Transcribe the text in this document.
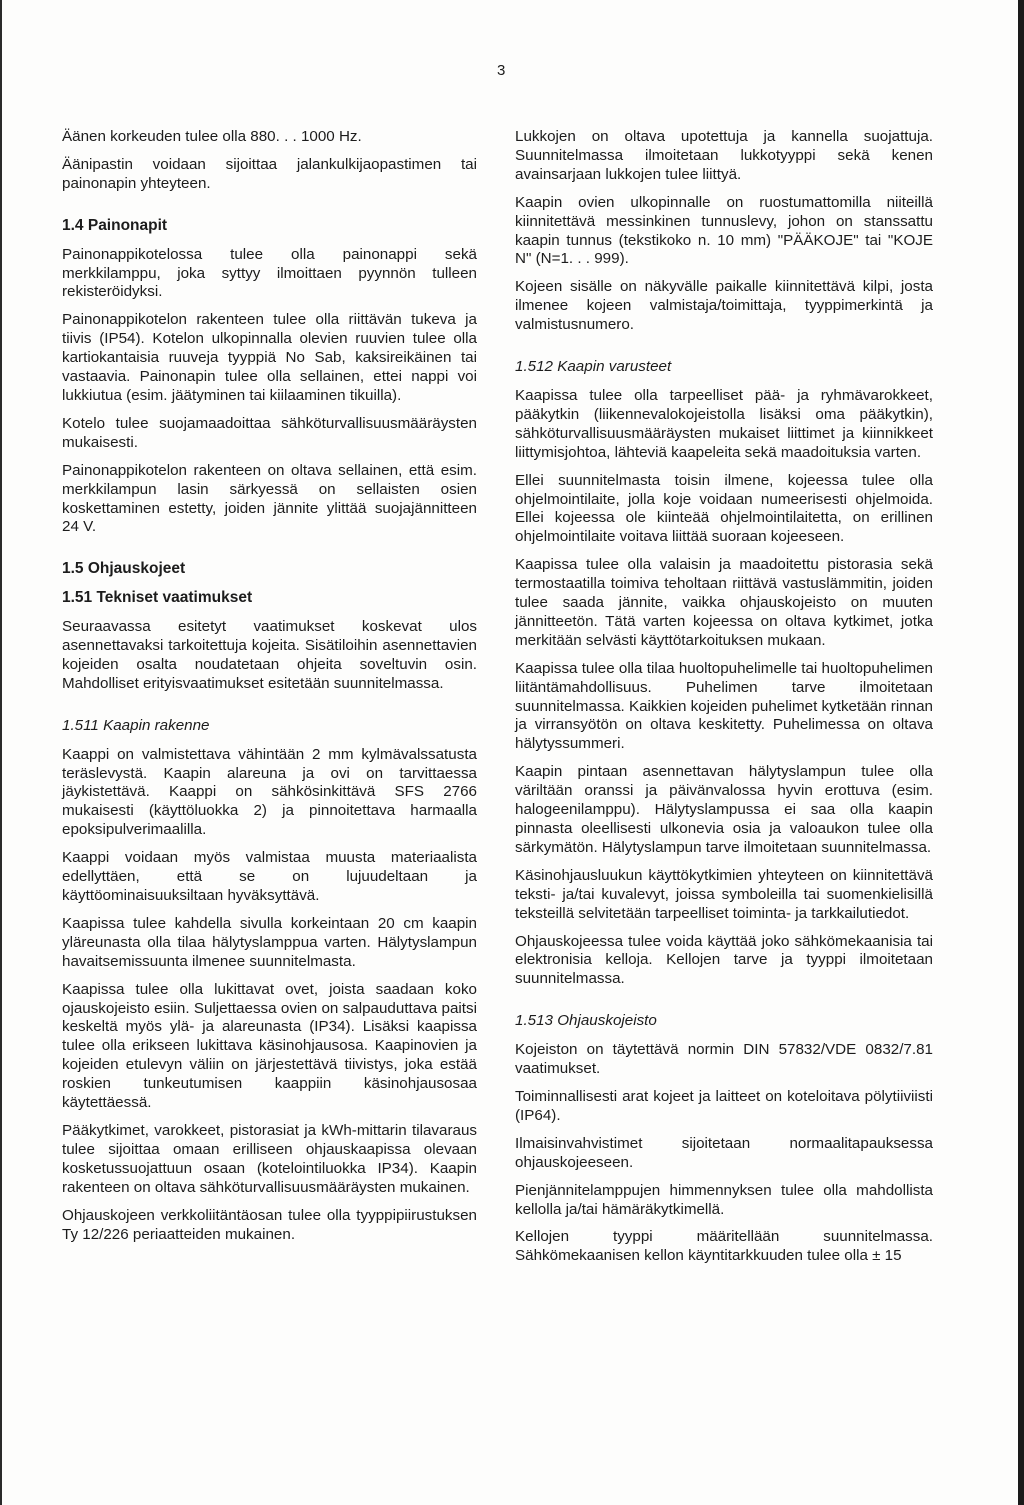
3

Äänen korkeuden tulee olla 880. . . 1000 Hz.

Äänipastin voidaan sijoittaa jalankulkijaopastimen tai painonapin yhteyteen.

1.4 Painonapit

Painonappikotelossa tulee olla painonappi sekä merkkilamppu, joka syttyy ilmoittaen pyynnön tulleen rekisteröidyksi.

Painonappikotelon rakenteen tulee olla riittävän tukeva ja tiivis (IP54). Kotelon ulkopinnalla olevien ruuvien tulee olla kartiokantaisia ruuveja tyyppiä No Sab, kaksireikäinen tai vastaavia. Painonapin tulee olla sellainen, ettei nappi voi lukkiutua (esim. jäätyminen tai kiilaaminen tikuilla).

Kotelo tulee suojamaadoittaa sähköturvallisuusmääräysten mukaisesti.

Painonappikotelon rakenteen on oltava sellainen, että esim. merkkilampun lasin särkyessä on sellaisten osien koskettaminen estetty, joiden jännite ylittää suojajännitteen 24 V.

1.5 Ohjauskojeet
1.51 Tekniset vaatimukset

Seuraavassa esitetyt vaatimukset koskevat ulos asennettavaksi tarkoitettuja kojeita. Sisätiloihin asennettavien kojeiden osalta noudatetaan ohjeita soveltuvin osin. Mahdolliset erityisvaatimukset esitetään suunnitelmassa.

1.511 Kaapin rakenne

Kaappi on valmistettava vähintään 2 mm kylmävalssatusta teräslevystä. Kaapin alareuna ja ovi on tarvittaessa jäykistettävä. Kaappi on sähkösinkittävä SFS 2766 mukaisesti (käyttöluokka 2) ja pinnoitettava harmaalla epoksipulverimaalilla.

Kaappi voidaan myös valmistaa muusta materiaalista edellyttäen, että se on lujuudeltaan ja käyttöominaisuuksiltaan hyväksyttävä.

Kaapissa tulee kahdella sivulla korkeintaan 20 cm kaapin yläreunasta olla tilaa hälytyslamppua varten. Hälytyslampun havaitsemissuunta ilmenee suunnitelmasta.

Kaapissa tulee olla lukittavat ovet, joista saadaan koko ojauskojeisto esiin. Suljettaessa ovien on salpauduttava paitsi keskeltä myös ylä- ja alareunasta (IP34). Lisäksi kaapissa tulee olla erikseen lukittava käsinohjausosa. Kaapinovien ja kojeiden etulevyn väliin on järjestettävä tiivistys, joka estää roskien tunkeutumisen kaappiin käsinohjausosaa käytettäessä.

Pääkytkimet, varokkeet, pistorasiat ja kWh-mittarin tilavaraus tulee sijoittaa omaan erilliseen ohjauskaapissa olevaan kosketussuojattuun osaan (kotelointiluokka IP34). Kaapin rakenteen on oltava sähköturvallisuusmääräysten mukainen.

Ohjauskojeen verkkoliitäntäosan tulee olla tyyppipiirustuksen Ty 12/226 periaatteiden mukainen.

Lukkojen on oltava upotettuja ja kannella suojattuja. Suunnitelmassa ilmoitetaan lukkotyyppi sekä kenen avainsarjaan lukkojen tulee liittyä.

Kaapin ovien ulkopinnalle on ruostumattomilla niiteillä kiinnitettävä messinkinen tunnuslevy, johon on stanssattu kaapin tunnus (tekstikoko n. 10 mm) "PÄÄKOJE" tai "KOJE N" (N=1. . . 999).

Kojeen sisälle on näkyvälle paikalle kiinnitettävä kilpi, josta ilmenee kojeen valmistaja/toimittaja, tyyppimerkintä ja valmistusnumero.

1.512 Kaapin varusteet

Kaapissa tulee olla tarpeelliset pää- ja ryhmävarokkeet, pääkytkin (liikennevalokojeistolla lisäksi oma pääkytkin), sähköturvallisuusmääräysten mukaiset liittimet ja kiinnikkeet liittymisjohtoa, lähteviä kaapeleita sekä maadoituksia varten.

Ellei suunnitelmasta toisin ilmene, kojeessa tulee olla ohjelmointilaite, jolla koje voidaan numeerisesti ohjelmoida. Ellei kojeessa ole kiinteää ohjelmointilaitetta, on erillinen ohjelmointilaite voitava liittää suoraan kojeeseen.

Kaapissa tulee olla valaisin ja maadoitettu pistorasia sekä termostaatilla toimiva teholtaan riittävä vastuslämmitin, joiden tulee saada jännite, vaikka ohjauskojeisto on muuten jännitteetön. Tätä varten kojeessa on oltava kytkimet, jotka merkitään selvästi käyttötarkoituksen mukaan.

Kaapissa tulee olla tilaa huoltopuhelimelle tai huoltopuhelimen liitäntämahdollisuus. Puhelimen tarve ilmoitetaan suunnitelmassa. Kaikkien kojeiden puhelimet kytketään rinnan ja virransyötön on oltava keskitetty. Puhelimessa on oltava hälytyssummeri.

Kaapin pintaan asennettavan hälytyslampun tulee olla väriltään oranssi ja päivänvalossa hyvin erottuva (esim. halogeenilamppu). Hälytyslampussa ei saa olla kaapin pinnasta oleellisesti ulkonevia osia ja valoaukon tulee olla särkymätön. Hälytyslampun tarve ilmoitetaan suunnitelmassa.

Käsinohjausluukun käyttökytkimien yhteyteen on kiinnitettävä teksti- ja/tai kuvalevyt, joissa symboleilla tai suomenkielisillä teksteillä selvitetään tarpeelliset toiminta- ja tarkkailutiedot.

Ohjauskojeessa tulee voida käyttää joko sähkömekaanisia tai elektronisia kelloja. Kellojen tarve ja tyyppi ilmoitetaan suunnitelmassa.

1.513 Ohjauskojeisto

Kojeiston on täytettävä normin DIN 57832/VDE 0832/7.81 vaatimukset.

Toiminnallisesti arat kojeet ja laitteet on koteloitava pölytiiviisti (IP64).

Ilmaisinvahvistimet sijoitetaan normaalitapauksessa ohjauskojeeseen.

Pienjännitelamppujen himmennyksen tulee olla mahdollista kellolla ja/tai hämäräkytkimellä.

Kellojen tyyppi määritellään suunnitelmassa. Sähkömekaanisen kellon käyntitarkkuuden tulee olla ± 15
